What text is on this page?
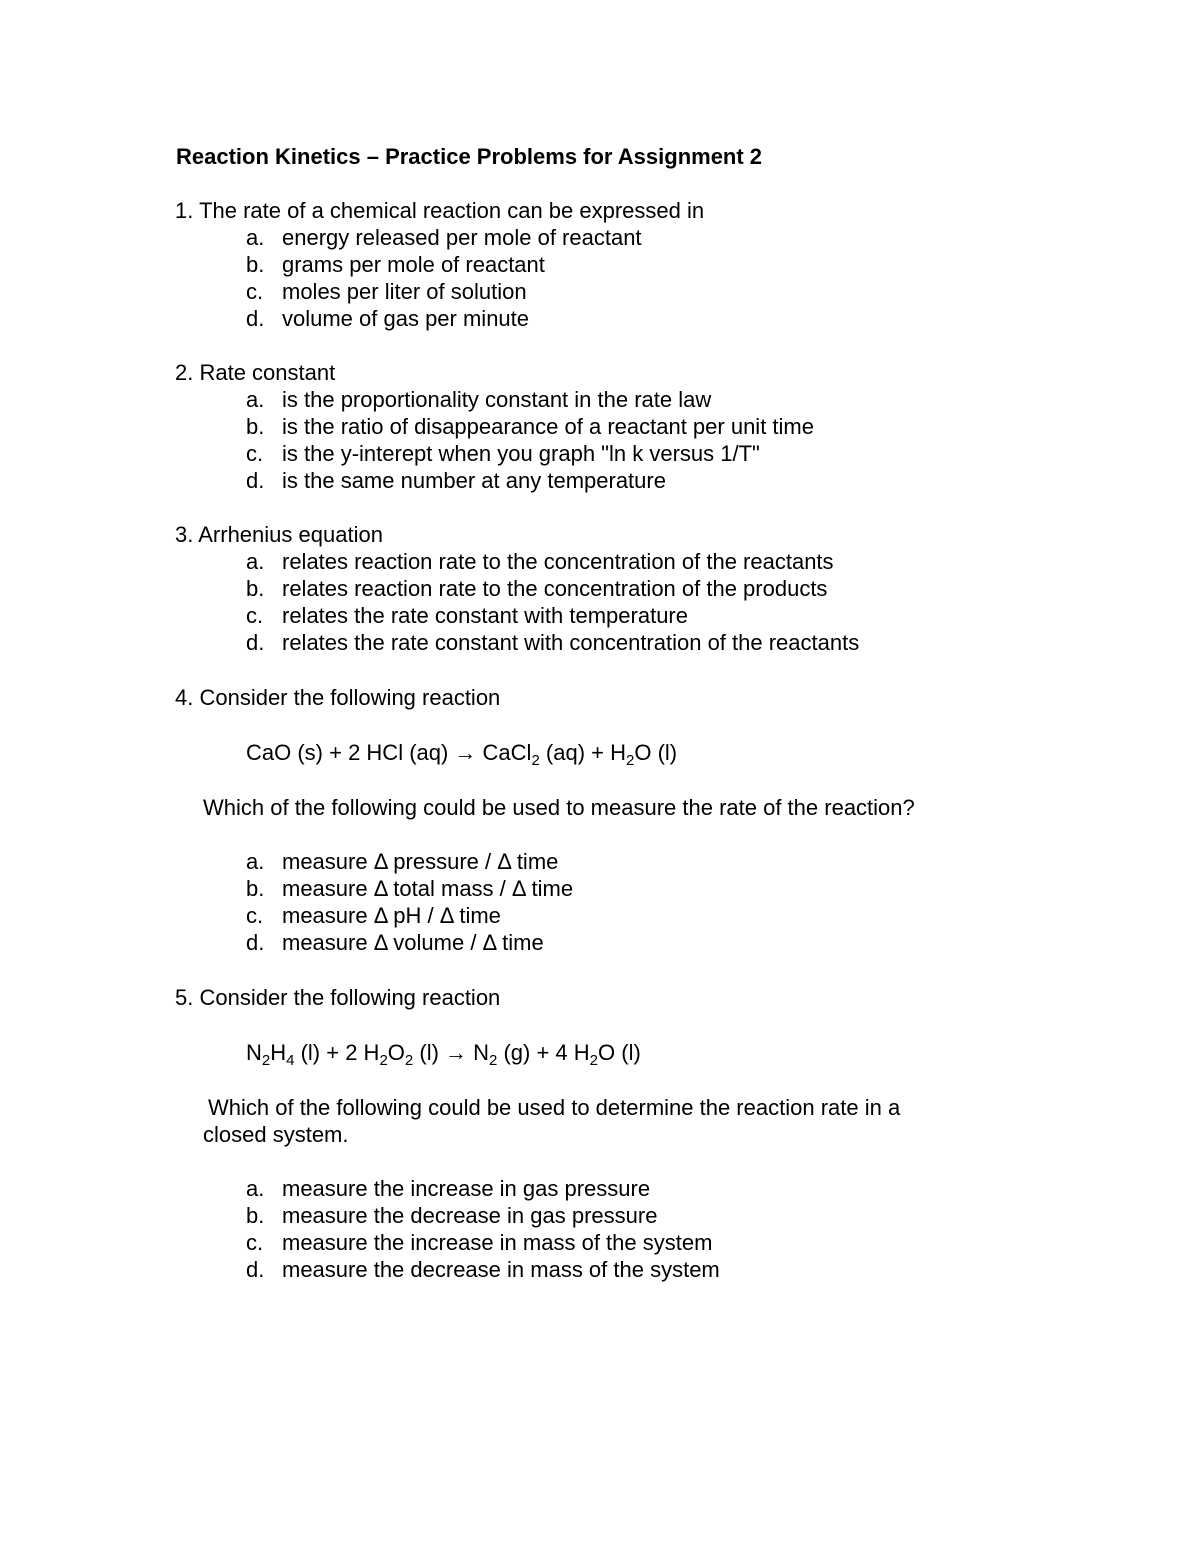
Reaction Kinetics – Practice Problems for Assignment 2
1. The rate of a chemical reaction can be expressed in
a. energy released per mole of reactant
b. grams per mole of reactant
c. moles per liter of solution
d. volume of gas per minute
2. Rate constant
a. is the proportionality constant in the rate law
b. is the ratio of disappearance of a reactant per unit time
c. is the y-interept when you graph "ln k versus 1/T"
d. is the same number at any temperature
3. Arrhenius equation
a. relates reaction rate to the concentration of the reactants
b. relates reaction rate to the concentration of the products
c. relates the rate constant with temperature
d. relates the rate constant with concentration of the reactants
4. Consider the following reaction
CaO (s) + 2 HCl (aq) → CaCl$_2$ $(aq) + H_2O$ (l)
Which of the following could be used to measure the rate of the reaction?
a. measure Δ pressure / Δ time
b. measure Δ total mass / Δ time
c. measure Δ pH / Δ time
d. measure Δ volume / Δ time
5. Consider the following reaction
$N_2H_4$ (l) + 2 $H_2O_2$ $(l) \to N_2$ (g) + 4 $H_2O$ (l)
Which of the following could be used to determine the reaction rate in a
closed system.
a. measure the increase in gas pressure
b. measure the decrease in gas pressure
c. measure the increase in mass of the system
d. measure the decrease in mass of the system
